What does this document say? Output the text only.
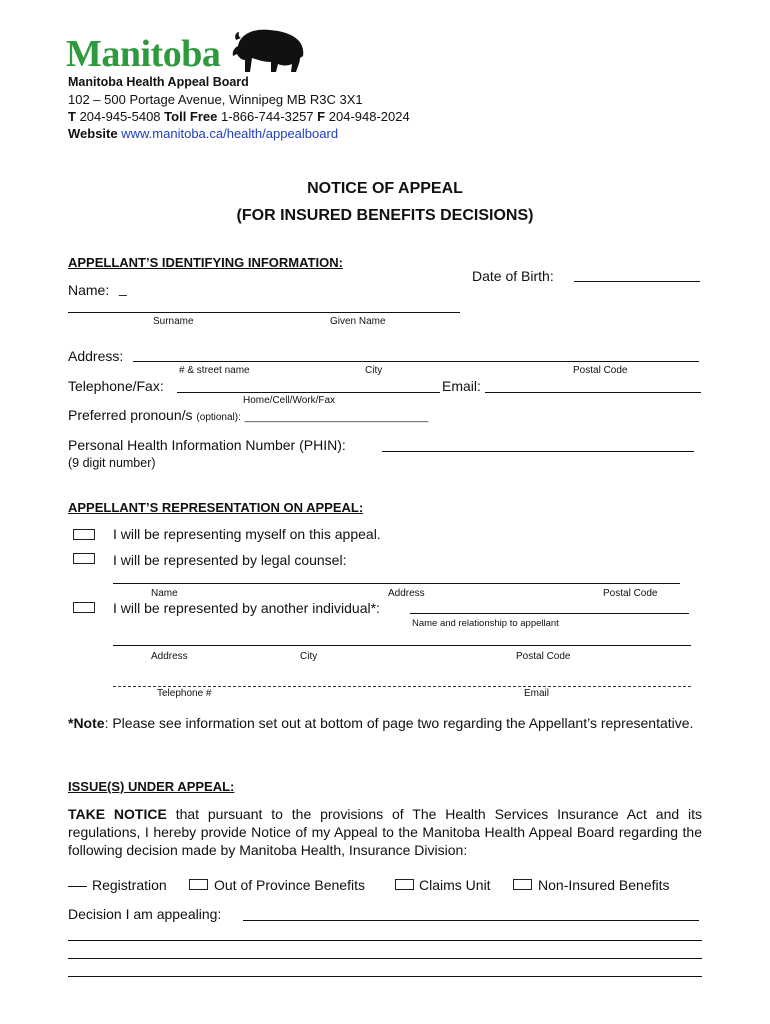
Manitoba
Manitoba Health Appeal Board
102 – 500 Portage Avenue, Winnipeg MB R3C 3X1
T 204-945-5408 Toll Free 1-866-744-3257 F 204-948-2024
Website www.manitoba.ca/health/appealboard
NOTICE OF APPEAL
(FOR INSURED BENEFITS DECISIONS)
APPELLANT’S IDENTIFYING INFORMATION:
Date of Birth:
Name: _
Surname	Given Name
Address:
# & street name	City	Postal Code
Telephone/Fax:	Email:
Home/Cell/Work/Fax
Preferred pronoun/s (optional): _________________________________
Personal Health Information Number (PHIN):
(9 digit number)
APPELLANT’S REPRESENTATION ON APPEAL:
I will be representing myself on this appeal.
I will be represented by legal counsel:
Name	Address	Postal Code
I will be represented by another individual*:
Name and relationship to appellant
Address	City	Postal Code
Telephone #	Email
*Note: Please see information set out at bottom of page two regarding the Appellant’s representative.
ISSUE(S) UNDER APPEAL:
TAKE NOTICE that pursuant to the provisions of The Health Services Insurance Act and its regulations, I hereby provide Notice of my Appeal to the Manitoba Health Appeal Board regarding the following decision made by Manitoba Health, Insurance Division:
Registration	Out of Province Benefits	Claims Unit	Non-Insured Benefits
Decision I am appealing:
